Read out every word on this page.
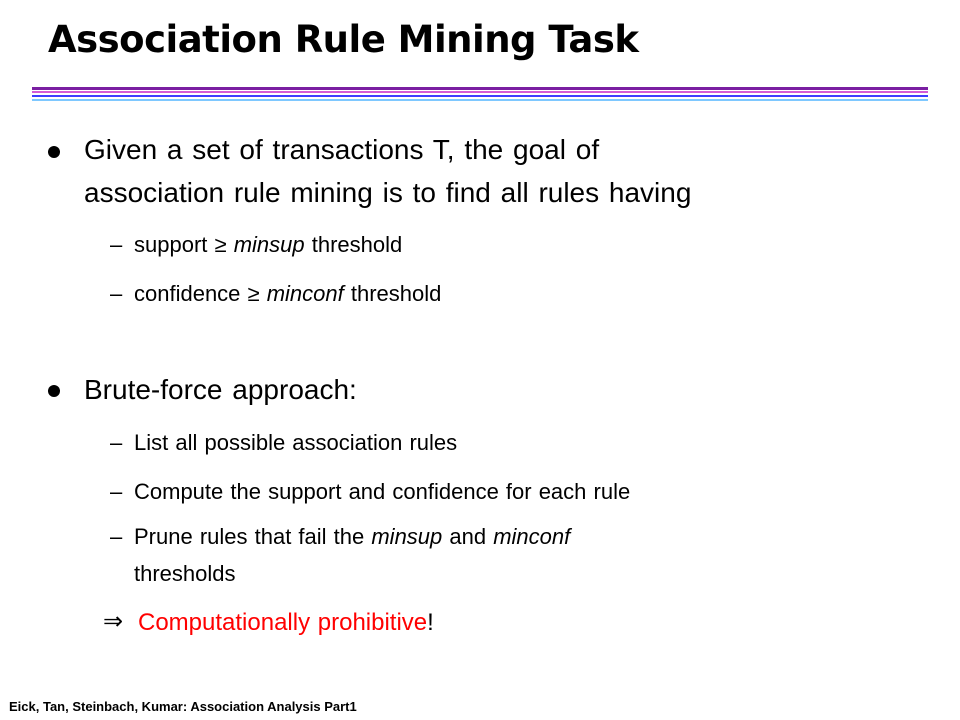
Association Rule Mining Task
Given a set of transactions T, the goal of
association rule mining is to find all rules having
– support ≥ minsup threshold
– confidence ≥ minconf threshold
Brute-force approach:
– List all possible association rules
– Compute the support and confidence for each rule
– Prune rules that fail the minsup and minconf
thresholds
⇒ Computationally prohibitive!
Eick, Tan, Steinbach, Kumar: Association Analysis Part1
